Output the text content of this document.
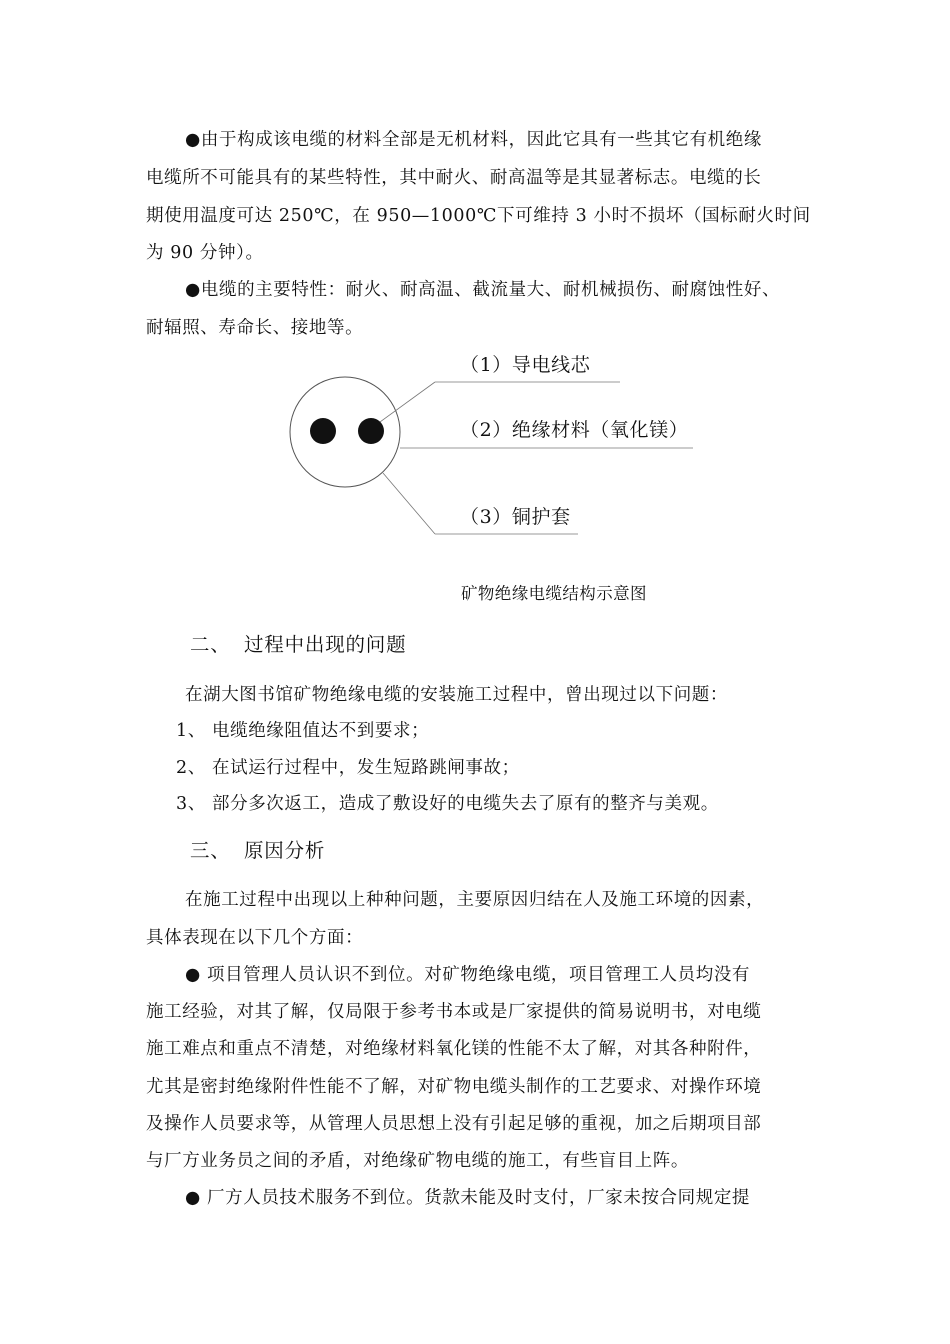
●由于构成该电缆的材料全部是无机材料，因此它具有一些其它有机绝缘
电缆所不可能具有的某些特性，其中耐火、耐高温等是其显著标志。电缆的长
期使用温度可达 250℃，在 950—1000℃下可维持 3 小时不损坏（国标耐火时间
为 90 分钟）。
●电缆的主要特性：耐火、耐高温、截流量大、耐机械损伤、耐腐蚀性好、
耐辐照、寿命长、接地等。
（1）导电线芯
（2）绝缘材料（氧化镁）
（3）铜护套
矿物绝缘电缆结构示意图
二、 过程中出现的问题
在湖大图书馆矿物绝缘电缆的安装施工过程中，曾出现过以下问题：
1、 电缆绝缘阻值达不到要求；
2、 在试运行过程中，发生短路跳闸事故；
3、 部分多次返工，造成了敷设好的电缆失去了原有的整齐与美观。
三、 原因分析
在施工过程中出现以上种种问题，主要原因归结在人及施工环境的因素，
具体表现在以下几个方面：
● 项目管理人员认识不到位。对矿物绝缘电缆，项目管理工人员均没有
施工经验，对其了解，仅局限于参考书本或是厂家提供的简易说明书，对电缆
施工难点和重点不清楚，对绝缘材料氧化镁的性能不太了解，对其各种附件，
尤其是密封绝缘附件性能不了解，对矿物电缆头制作的工艺要求、对操作环境
及操作人员要求等，从管理人员思想上没有引起足够的重视，加之后期项目部
与厂方业务员之间的矛盾，对绝缘矿物电缆的施工，有些盲目上阵。
● 厂方人员技术服务不到位。货款未能及时支付，厂家未按合同规定提
